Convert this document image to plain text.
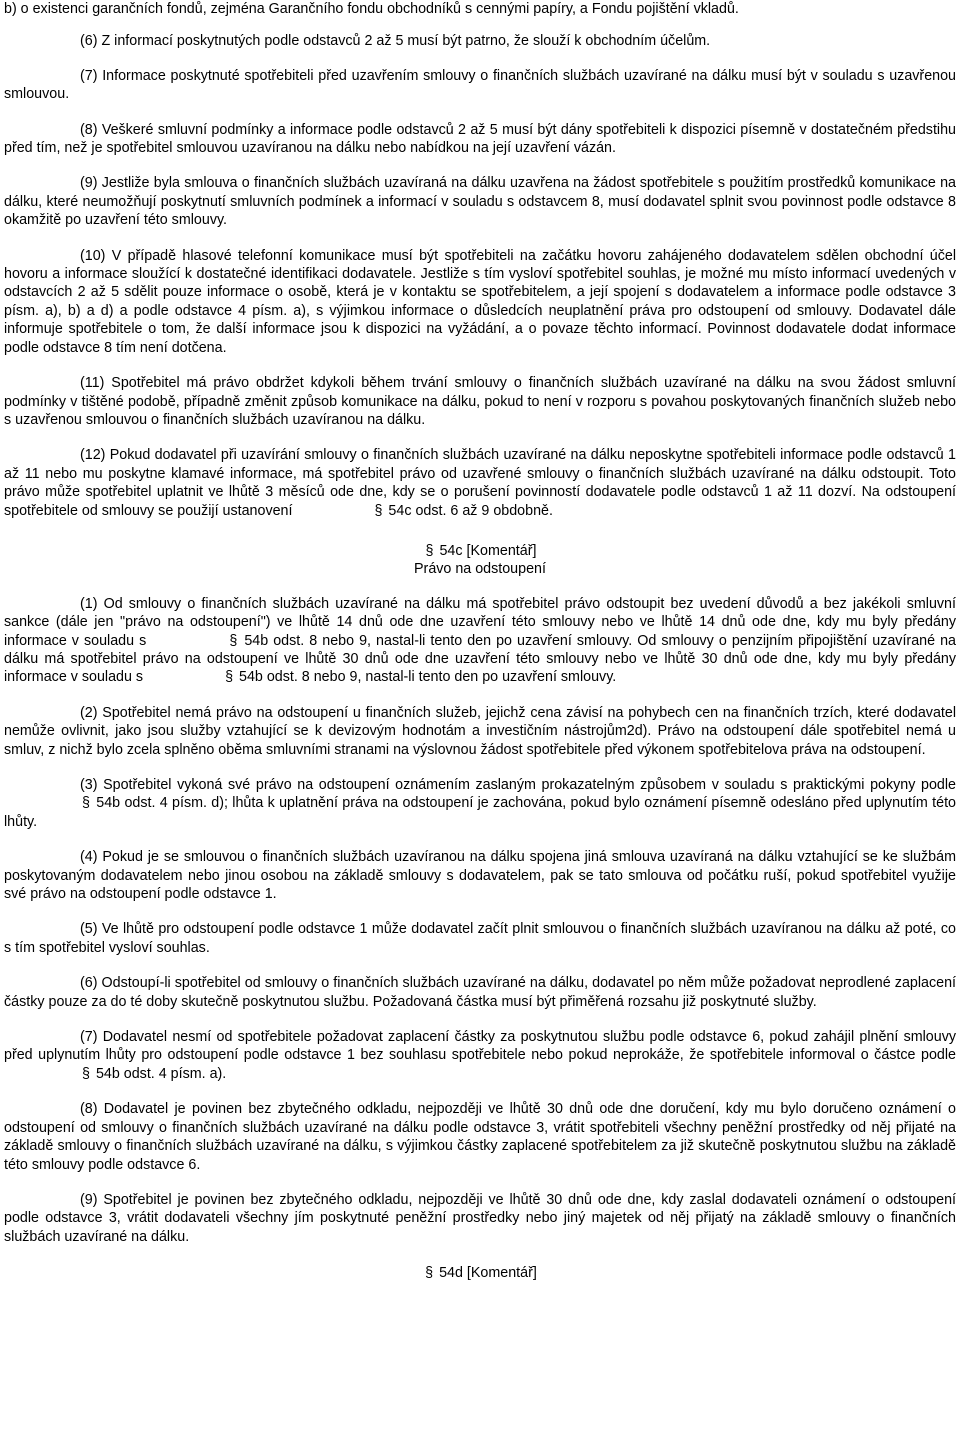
b) o existenci garančních fondů, zejména Garančního fondu obchodníků s cennými papíry, a Fondu pojištění vkladů.

(6) Z informací poskytnutých podle odstavců 2 až 5 musí být patrno, že slouží k obchodním účelům.

(7) Informace poskytnuté spotřebiteli před uzavřením smlouvy o finančních službách uzavírané na dálku musí být v souladu s uzavřenou smlouvou.

(8) Veškeré smluvní podmínky a informace podle odstavců 2 až 5 musí být dány spotřebiteli k dispozici písemně v dostatečném předstihu před tím, než je spotřebitel smlouvou uzavíranou na dálku nebo nabídkou na její uzavření vázán.

(9) Jestliže byla smlouva o finančních službách uzavíraná na dálku uzavřena na žádost spotřebitele s použitím prostředků komunikace na dálku, které neumožňují poskytnutí smluvních podmínek a informací v souladu s odstavcem 8, musí dodavatel splnit svou povinnost podle odstavce 8 okamžitě po uzavření této smlouvy.

(10) V případě hlasové telefonní komunikace musí být spotřebiteli na začátku hovoru zahájeného dodavatelem sdělen obchodní účel hovoru a informace sloužící k dostatečné identifikaci dodavatele. Jestliže s tím vysloví spotřebitel souhlas, je možné mu místo informací uvedených v odstavcích 2 až 5 sdělit pouze informace o osobě, která je v kontaktu se spotřebitelem, a její spojení s dodavatelem a informace podle odstavce 3 písm. a), b) a d) a podle odstavce 4 písm. a), s výjimkou informace o důsledcích neuplatnění práva pro odstoupení od smlouvy. Dodavatel dále informuje spotřebitele o tom, že další informace jsou k dispozici na vyžádání, a o povaze těchto informací. Povinnost dodavatele dodat informace podle odstavce 8 tím není dotčena.

(11) Spotřebitel má právo obdržet kdykoli během trvání smlouvy o finančních službách uzavírané na dálku na svou žádost smluvní podmínky v tištěné podobě, případně změnit způsob komunikace na dálku, pokud to není v rozporu s povahou poskytovaných finančních služeb nebo s uzavřenou smlouvou o finančních službách uzavíranou na dálku.

(12) Pokud dodavatel při uzavírání smlouvy o finančních službách uzavírané na dálku neposkytne spotřebiteli informace podle odstavců 1 až 11 nebo mu poskytne klamavé informace, má spotřebitel právo od uzavřené smlouvy o finančních službách uzavírané na dálku odstoupit. Toto právo může spotřebitel uplatnit ve lhůtě 3 měsíců ode dne, kdy se o porušení povinností dodavatele podle odstavců 1 až 11 dozví. Na odstoupení spotřebitele od smlouvy se použijí ustanovení	§ 54c odst. 6 až 9 obdobně.

§ 54c [Komentář]

Právo na odstoupení

(1) Od smlouvy o finančních službách uzavírané na dálku má spotřebitel právo odstoupit bez uvedení důvodů a bez jakékoli smluvní sankce (dále jen "právo na odstoupení") ve lhůtě 14 dnů ode dne uzavření této smlouvy nebo ve lhůtě 14 dnů ode dne, kdy mu byly předány informace v souladu s	§ 54b odst. 8 nebo 9, nastal-li tento den po uzavření smlouvy. Od smlouvy o penzijním připojištění uzavírané na dálku má spotřebitel právo na odstoupení ve lhůtě 30 dnů ode dne uzavření této smlouvy nebo ve lhůtě 30 dnů ode dne, kdy mu byly předány informace v souladu s	§ 54b odst. 8 nebo 9, nastal-li tento den po uzavření smlouvy.

(2) Spotřebitel nemá právo na odstoupení u finančních služeb, jejichž cena závisí na pohybech cen na finančních trzích, které dodavatel nemůže ovlivnit, jako jsou služby vztahující se k devizovým hodnotám a investičním nástrojům2d). Právo na odstoupení dále spotřebitel nemá u smluv, z nichž bylo zcela splněno oběma smluvními stranami na výslovnou žádost spotřebitele před výkonem spotřebitelova práva na odstoupení.

(3) Spotřebitel vykoná své právo na odstoupení oznámením zaslaným prokazatelným způsobem v souladu s praktickými pokyny podle § 54b odst. 4 písm. d); lhůta k uplatnění práva na odstoupení je zachována, pokud bylo oznámení písemně odesláno před uplynutím této lhůty.

(4) Pokud je se smlouvou o finančních službách uzavíranou na dálku spojena jiná smlouva uzavíraná na dálku vztahující se ke službám poskytovaným dodavatelem nebo jinou osobou na základě smlouvy s dodavatelem, pak se tato smlouva od počátku ruší, pokud spotřebitel využije své právo na odstoupení podle odstavce 1.

(5) Ve lhůtě pro odstoupení podle odstavce 1 může dodavatel začít plnit smlouvou o finančních službách uzavíranou na dálku až poté, co s tím spotřebitel vysloví souhlas.

(6) Odstoupí-li spotřebitel od smlouvy o finančních službách uzavírané na dálku, dodavatel po něm může požadovat neprodlené zaplacení částky pouze za do té doby skutečně poskytnutou službu. Požadovaná částka musí být přiměřená rozsahu již poskytnuté služby.

(7) Dodavatel nesmí od spotřebitele požadovat zaplacení částky za poskytnutou službu podle odstavce 6, pokud zahájil plnění smlouvy před uplynutím lhůty pro odstoupení podle odstavce 1 bez souhlasu spotřebitele nebo pokud neprokáže, že spotřebitele informoval o částce podle § 54b odst. 4 písm. a).

(8) Dodavatel je povinen bez zbytečného odkladu, nejpozději ve lhůtě 30 dnů ode dne doručení, kdy mu bylo doručeno oznámení o odstoupení od smlouvy o finančních službách uzavírané na dálku podle odstavce 3, vrátit spotřebiteli všechny peněžní prostředky od něj přijaté na základě smlouvy o finančních službách uzavírané na dálku, s výjimkou částky zaplacené spotřebitelem za již skutečně poskytnutou službu na základě této smlouvy podle odstavce 6.

(9) Spotřebitel je povinen bez zbytečného odkladu, nejpozději ve lhůtě 30 dnů ode dne, kdy zaslal dodavateli oznámení o odstoupení podle odstavce 3, vrátit dodavateli všechny jím poskytnuté peněžní prostředky nebo jiný majetek od něj přijatý na základě smlouvy o finančních službách uzavírané na dálku.

§ 54d [Komentář]
